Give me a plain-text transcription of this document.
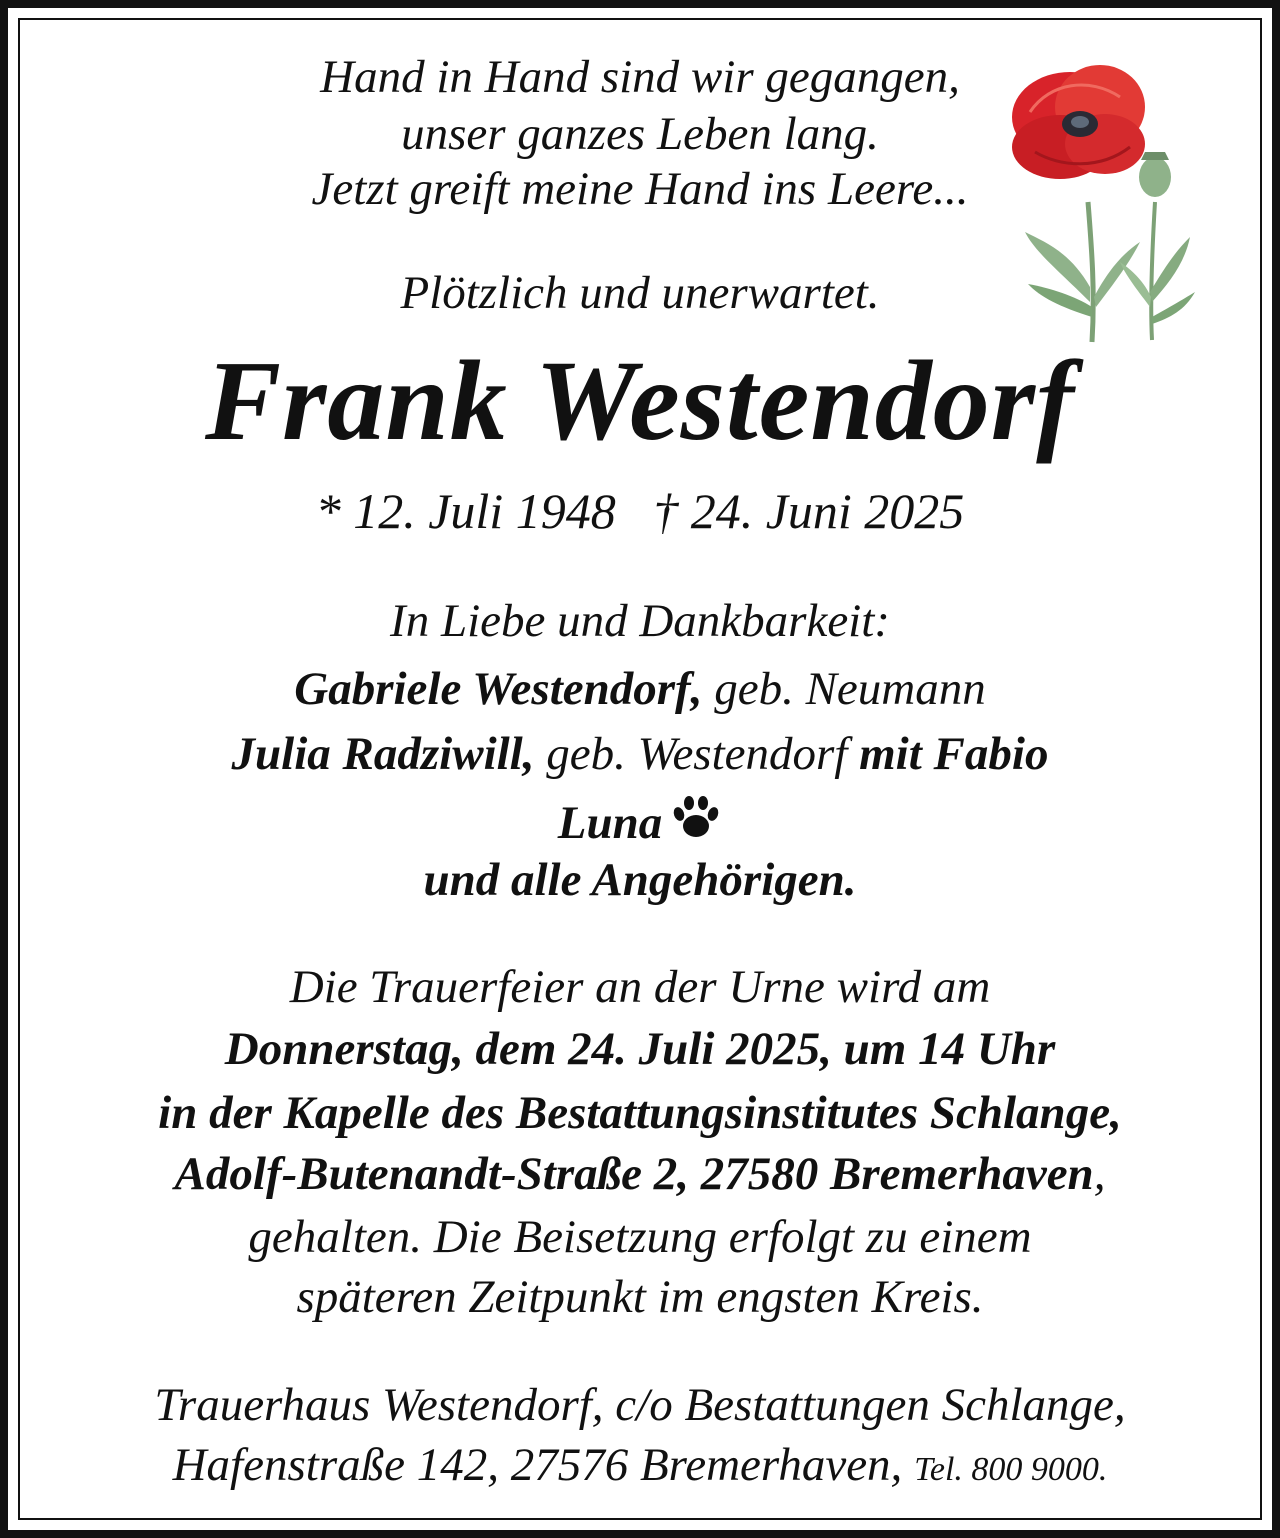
Hand in Hand sind wir gegangen,
unser ganzes Leben lang.
Jetzt greift meine Hand ins Leere...
Plötzlich und unerwartet.
Frank Westendorf
* 12. Juli 1948   † 24. Juni 2025
In Liebe und Dankbarkeit:
Gabriele Westendorf, geb. Neumann
Julia Radziwill, geb. Westendorf mit Fabio
Luna
und alle Angehörigen.
Die Trauerfeier an der Urne wird am
Donnerstag, dem 24. Juli 2025, um 14 Uhr
in der Kapelle des Bestattungsinstitutes Schlange,
Adolf-Butenandt-Straße 2, 27580 Bremerhaven,
gehalten. Die Beisetzung erfolgt zu einem
späteren Zeitpunkt im engsten Kreis.
Trauerhaus Westendorf, c/o Bestattungen Schlange,
Hafenstraße 142, 27576 Bremerhaven, Tel. 800 9000.
